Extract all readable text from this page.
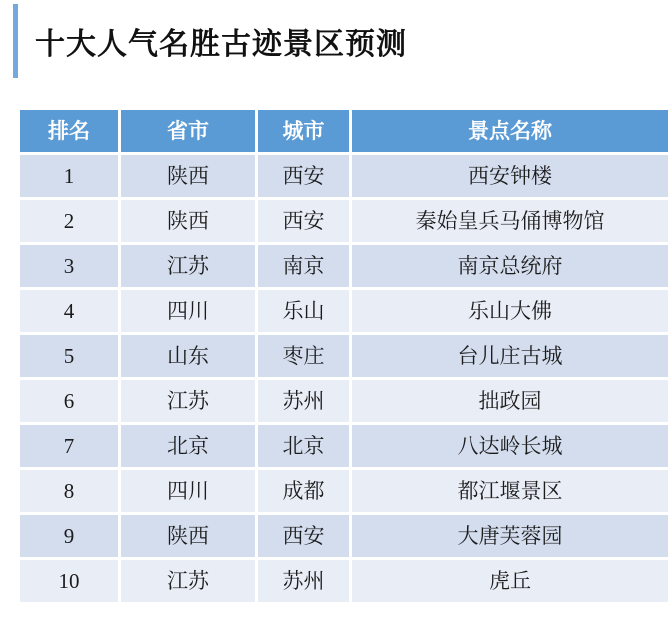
十大人气名胜古迹景区预测
排名	省市	城市	景点名称
1	陕西	西安	西安钟楼
2	陕西	西安	秦始皇兵马俑博物馆
3	江苏	南京	南京总统府
4	四川	乐山	乐山大佛
5	山东	枣庄	台儿庄古城
6	江苏	苏州	拙政园
7	北京	北京	八达岭长城
8	四川	成都	都江堰景区
9	陕西	西安	大唐芙蓉园
10	江苏	苏州	虎丘
